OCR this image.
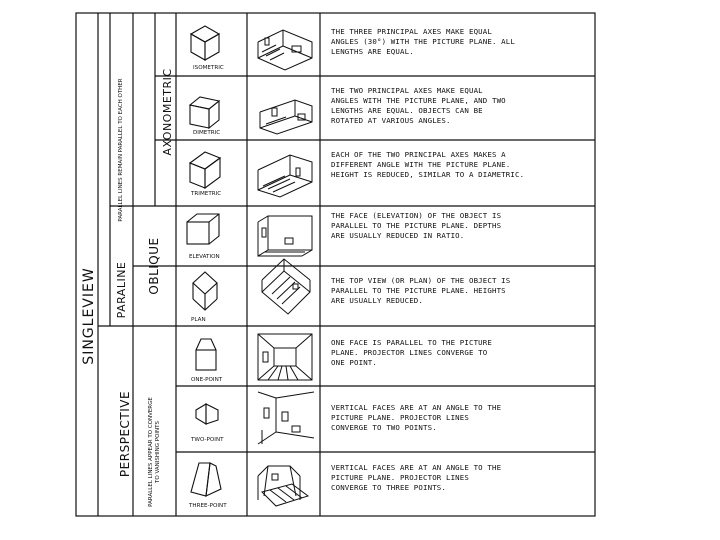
SINGLEVIEW PARALINE
PARALLEL LINES REMAIN PARALLEL TO EACH OTHER	AXONOMETRIC
OBLIQUE
PERSPECTIVE	PARALLEL LINES APPEAR TO CONVERGE TO VANISHING POINTS
ISOMETRIC
DIMETRIC
TRIMETRIC
ELEVATION
PLAN
ONE-POINT
TWO-POINT
THREE-POINT
THE THREE PRINCIPAL AXES MAKE EQUAL ANGLES (30°) WITH THE PICTURE PLANE. ALL LENGTHS ARE EQUAL.
THE TWO PRINCIPAL AXES MAKE EQUAL ANGLES WITH THE PICTURE PLANE, AND TWO LENGTHS ARE EQUAL. OBJECTS CAN BE ROTATED AT VARIOUS ANGLES.
EACH OF THE TWO PRINCIPAL AXES MAKES A DIFFERENT ANGLE WITH THE PICTURE PLANE. HEIGHT IS REDUCED, SIMILAR TO A DIAMETRIC.
THE FACE (ELEVATION) OF THE OBJECT IS PARALLEL TO THE PICTURE PLANE. DEPTHS ARE USUALLY REDUCED IN RATIO.
THE TOP VIEW (OR PLAN) OF THE OBJECT IS PARALLEL TO THE PICTURE PLANE. HEIGHTS ARE USUALLY REDUCED.
ONE FACE IS PARALLEL TO THE PICTURE PLANE. PROJECTOR LINES CONVERGE TO ONE POINT.
VERTICAL FACES ARE AT AN ANGLE TO THE PICTURE PLANE. PROJECTOR LINES CONVERGE TO TWO POINTS.
VERTICAL FACES ARE AT AN ANGLE TO THE PICTURE PLANE. PROJECTOR LINES CONVERGE TO THREE POINTS.
